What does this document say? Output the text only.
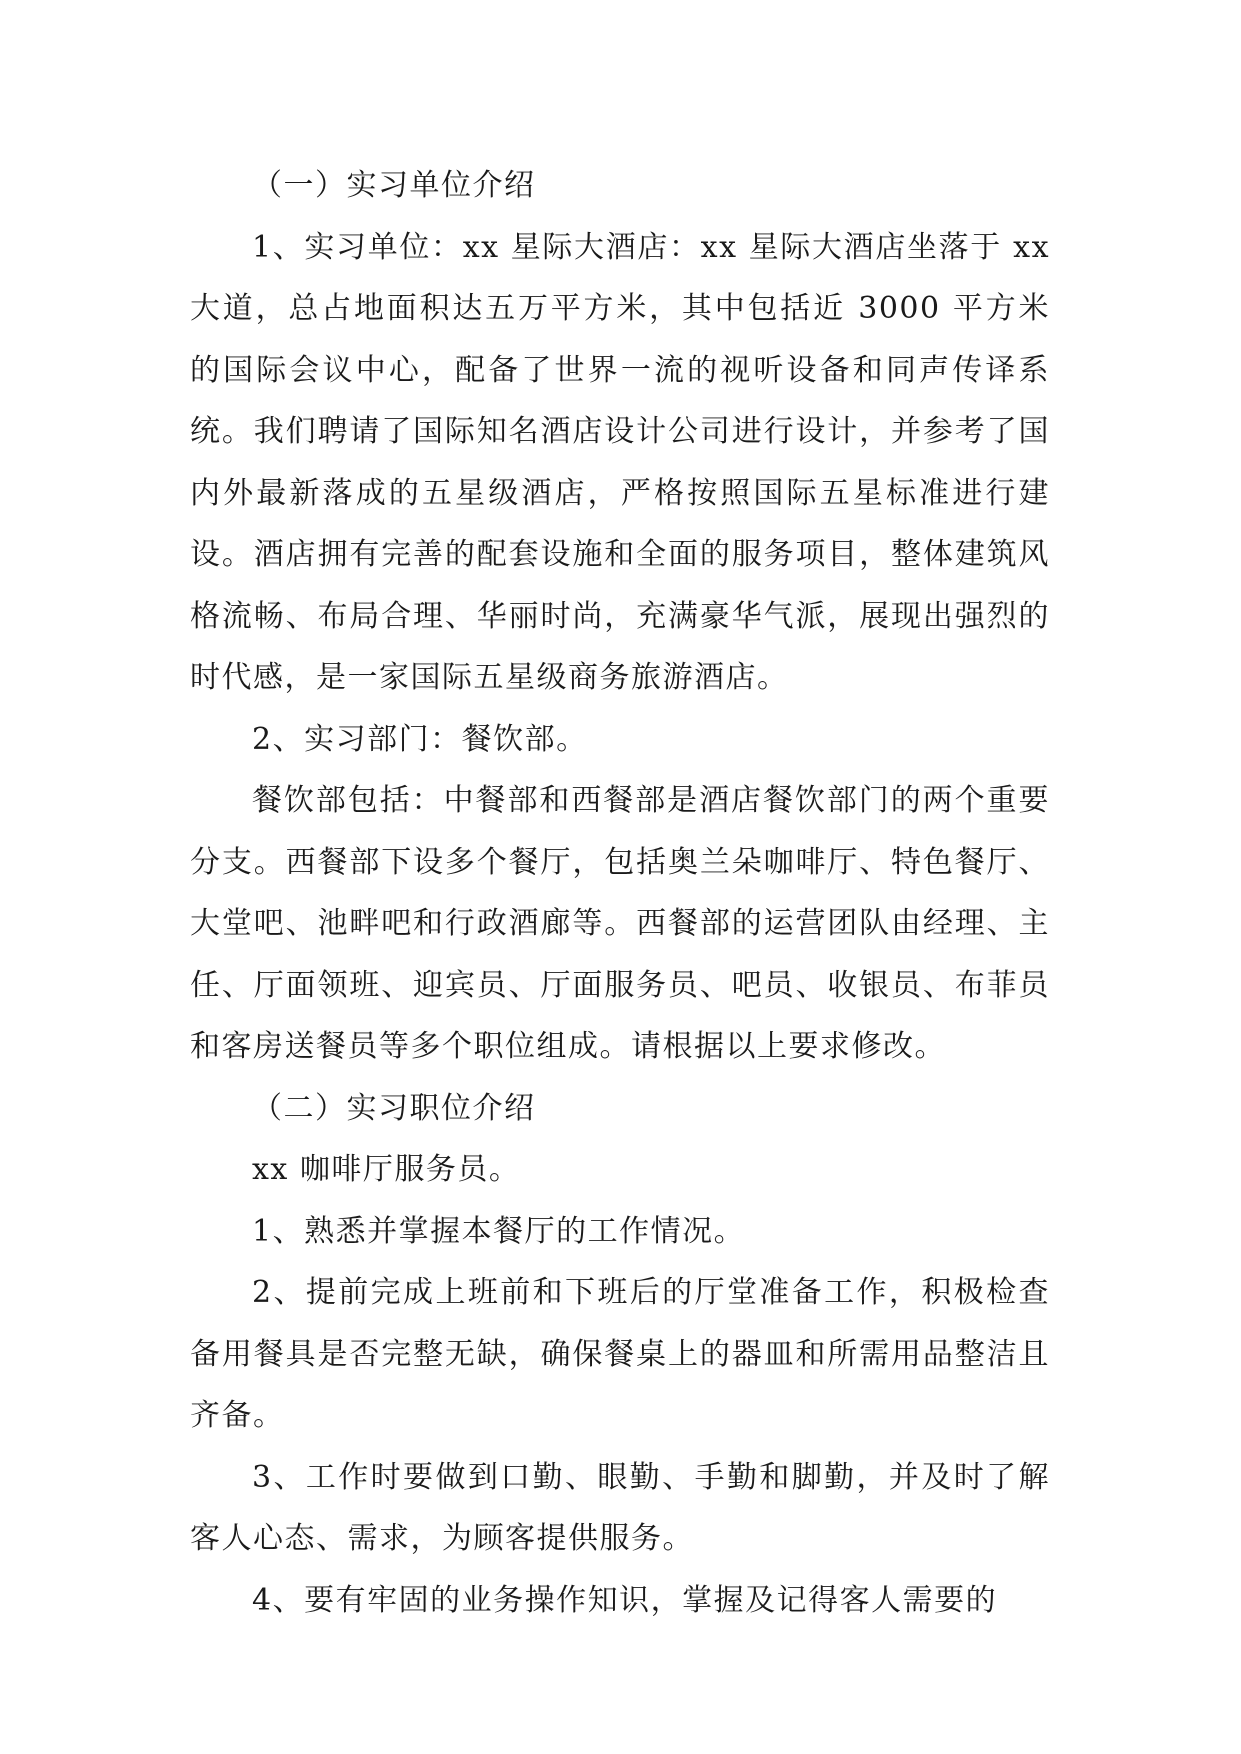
（一）实习单位介绍

1、实习单位：xx 星际大酒店：xx 星际大酒店坐落于 xx 大道，总占地面积达五万平方米，其中包括近 3000 平方米的国际会议中心，配备了世界一流的视听设备和同声传译系统。我们聘请了国际知名酒店设计公司进行设计，并参考了国内外最新落成的五星级酒店，严格按照国际五星标准进行建设。酒店拥有完善的配套设施和全面的服务项目，整体建筑风格流畅、布局合理、华丽时尚，充满豪华气派，展现出强烈的时代感，是一家国际五星级商务旅游酒店。

2、实习部门：餐饮部。

餐饮部包括：中餐部和西餐部是酒店餐饮部门的两个重要分支。西餐部下设多个餐厅，包括奥兰朵咖啡厅、特色餐厅、大堂吧、池畔吧和行政酒廊等。西餐部的运营团队由经理、主任、厅面领班、迎宾员、厅面服务员、吧员、收银员、布菲员和客房送餐员等多个职位组成。请根据以上要求修改。

（二）实习职位介绍

xx 咖啡厅服务员。

1、熟悉并掌握本餐厅的工作情况。

2、提前完成上班前和下班后的厅堂准备工作，积极检查备用餐具是否完整无缺，确保餐桌上的器皿和所需用品整洁且齐备。

3、工作时要做到口勤、眼勤、手勤和脚勤，并及时了解客人心态、需求，为顾客提供服务。

4、要有牢固的业务操作知识，掌握及记得客人需要的
